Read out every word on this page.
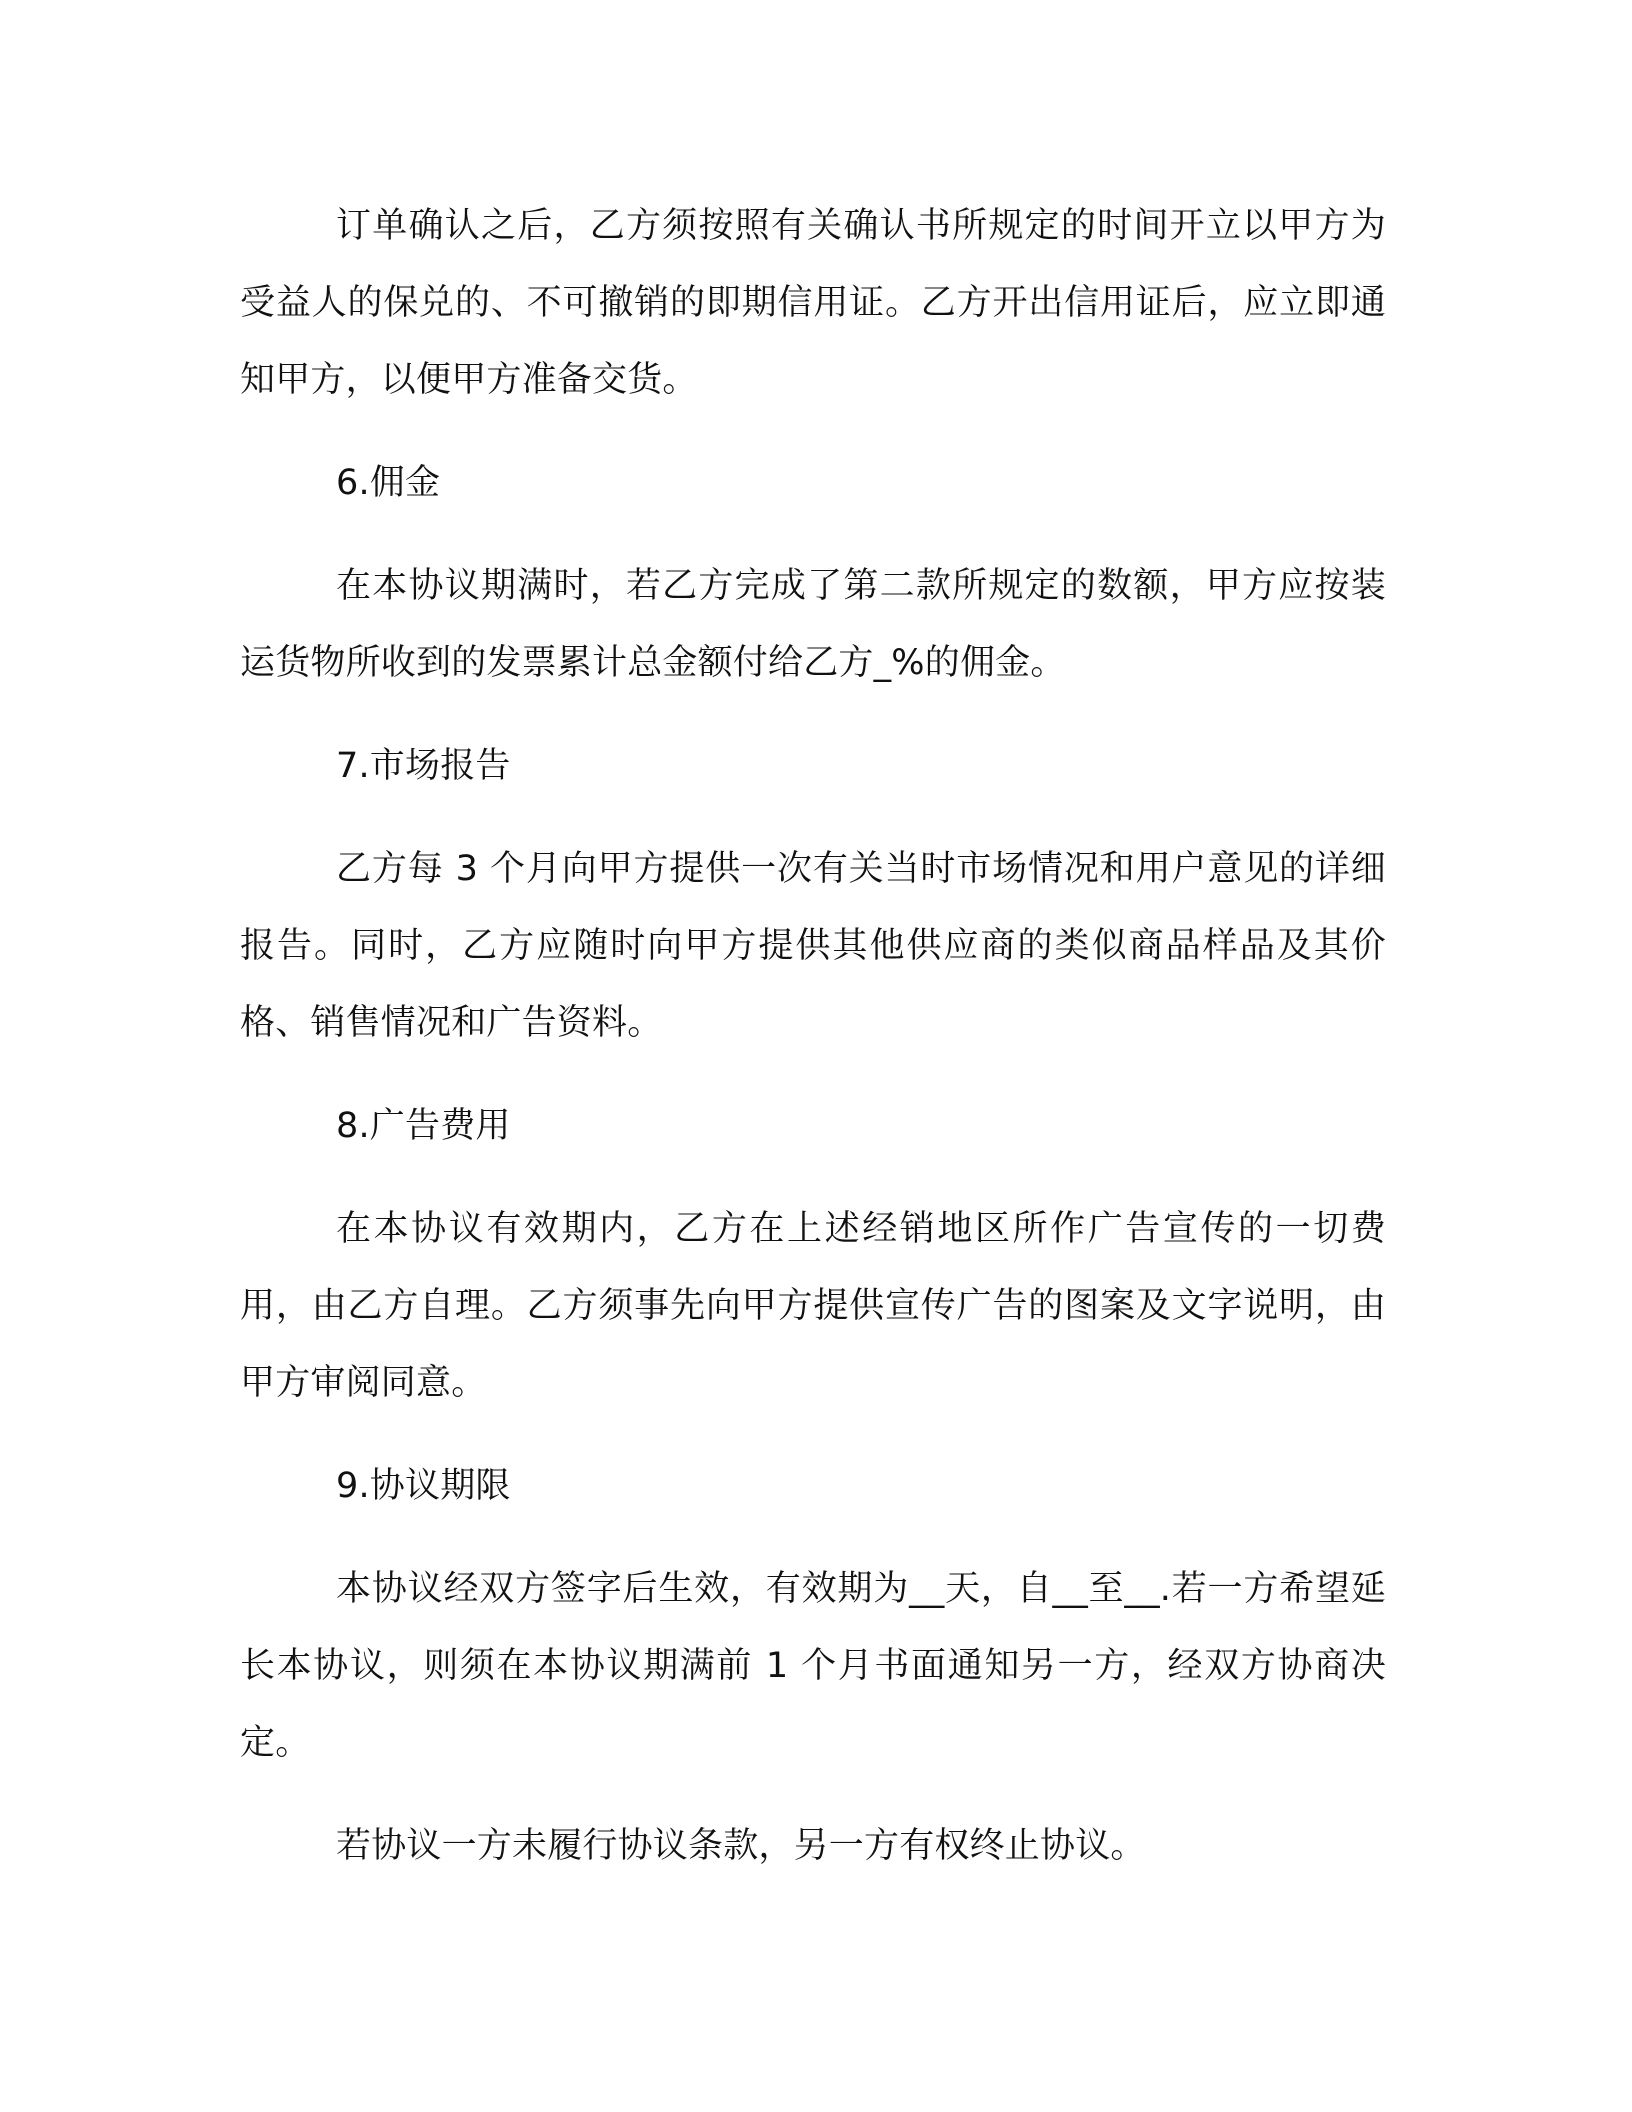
订单确认之后，乙方须按照有关确认书所规定的时间开立以甲方为受益人的保兑的、不可撤销的即期信用证。乙方开出信用证后，应立即通知甲方，以便甲方准备交货。

6.佣金

在本协议期满时，若乙方完成了第二款所规定的数额，甲方应按装运货物所收到的发票累计总金额付给乙方_%的佣金。

7.市场报告

乙方每 3 个月向甲方提供一次有关当时市场情况和用户意见的详细报告。同时，乙方应随时向甲方提供其他供应商的类似商品样品及其价格、销售情况和广告资料。

8.广告费用

在本协议有效期内，乙方在上述经销地区所作广告宣传的一切费用，由乙方自理。乙方须事先向甲方提供宣传广告的图案及文字说明，由甲方审阅同意。

9.协议期限

本协议经双方签字后生效，有效期为__天，自__至__.若一方希望延长本协议，则须在本协议期满前 1 个月书面通知另一方，经双方协商决定。

若协议一方未履行协议条款，另一方有权终止协议。
